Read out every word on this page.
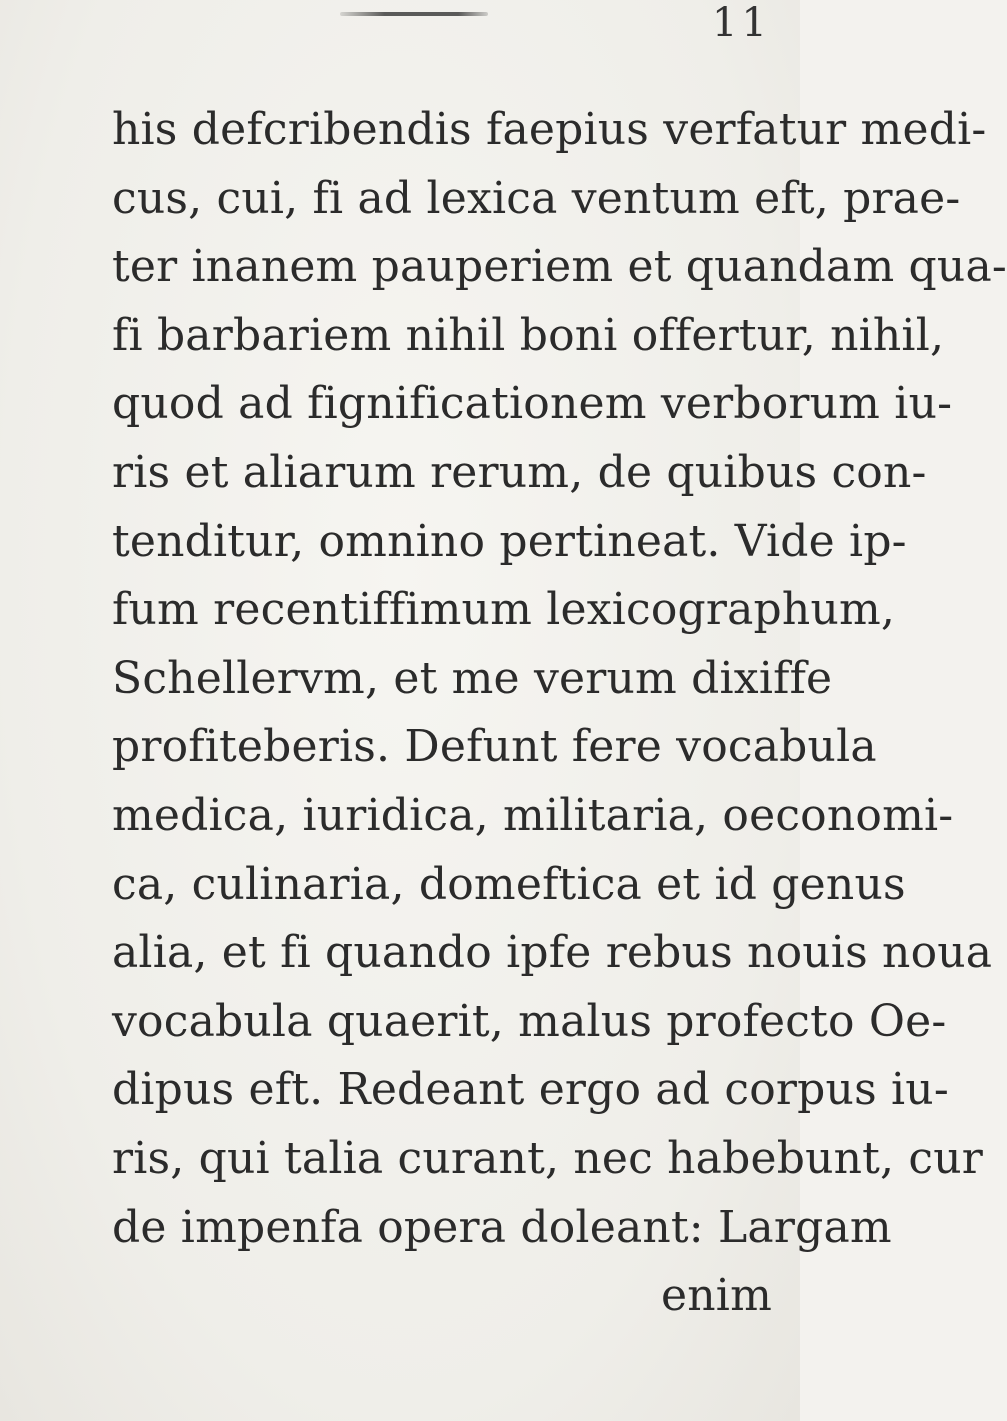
11
his defcribendis faepius verfatur medi-
cus, cui, fi ad lexica ventum eft, prae-
ter inanem pauperiem et quandam qua-
fi barbariem nihil boni offertur, nihil,
quod ad fignificationem verborum iu-
ris et aliarum rerum, de quibus con-
tenditur, omnino pertineat. Vide ip-
fum recentiffimum lexicographum,
Schellervm, et me verum dixiffe
profiteberis. Defunt fere vocabula
medica, iuridica, militaria, oeconomi-
ca, culinaria, domeftica et id genus
alia, et fi quando ipfe rebus nouis noua
vocabula quaerit, malus profecto Oe-
dipus eft. Redeant ergo ad corpus iu-
ris, qui talia curant, nec habebunt, cur
de impenfa opera doleant: Largam
enim
